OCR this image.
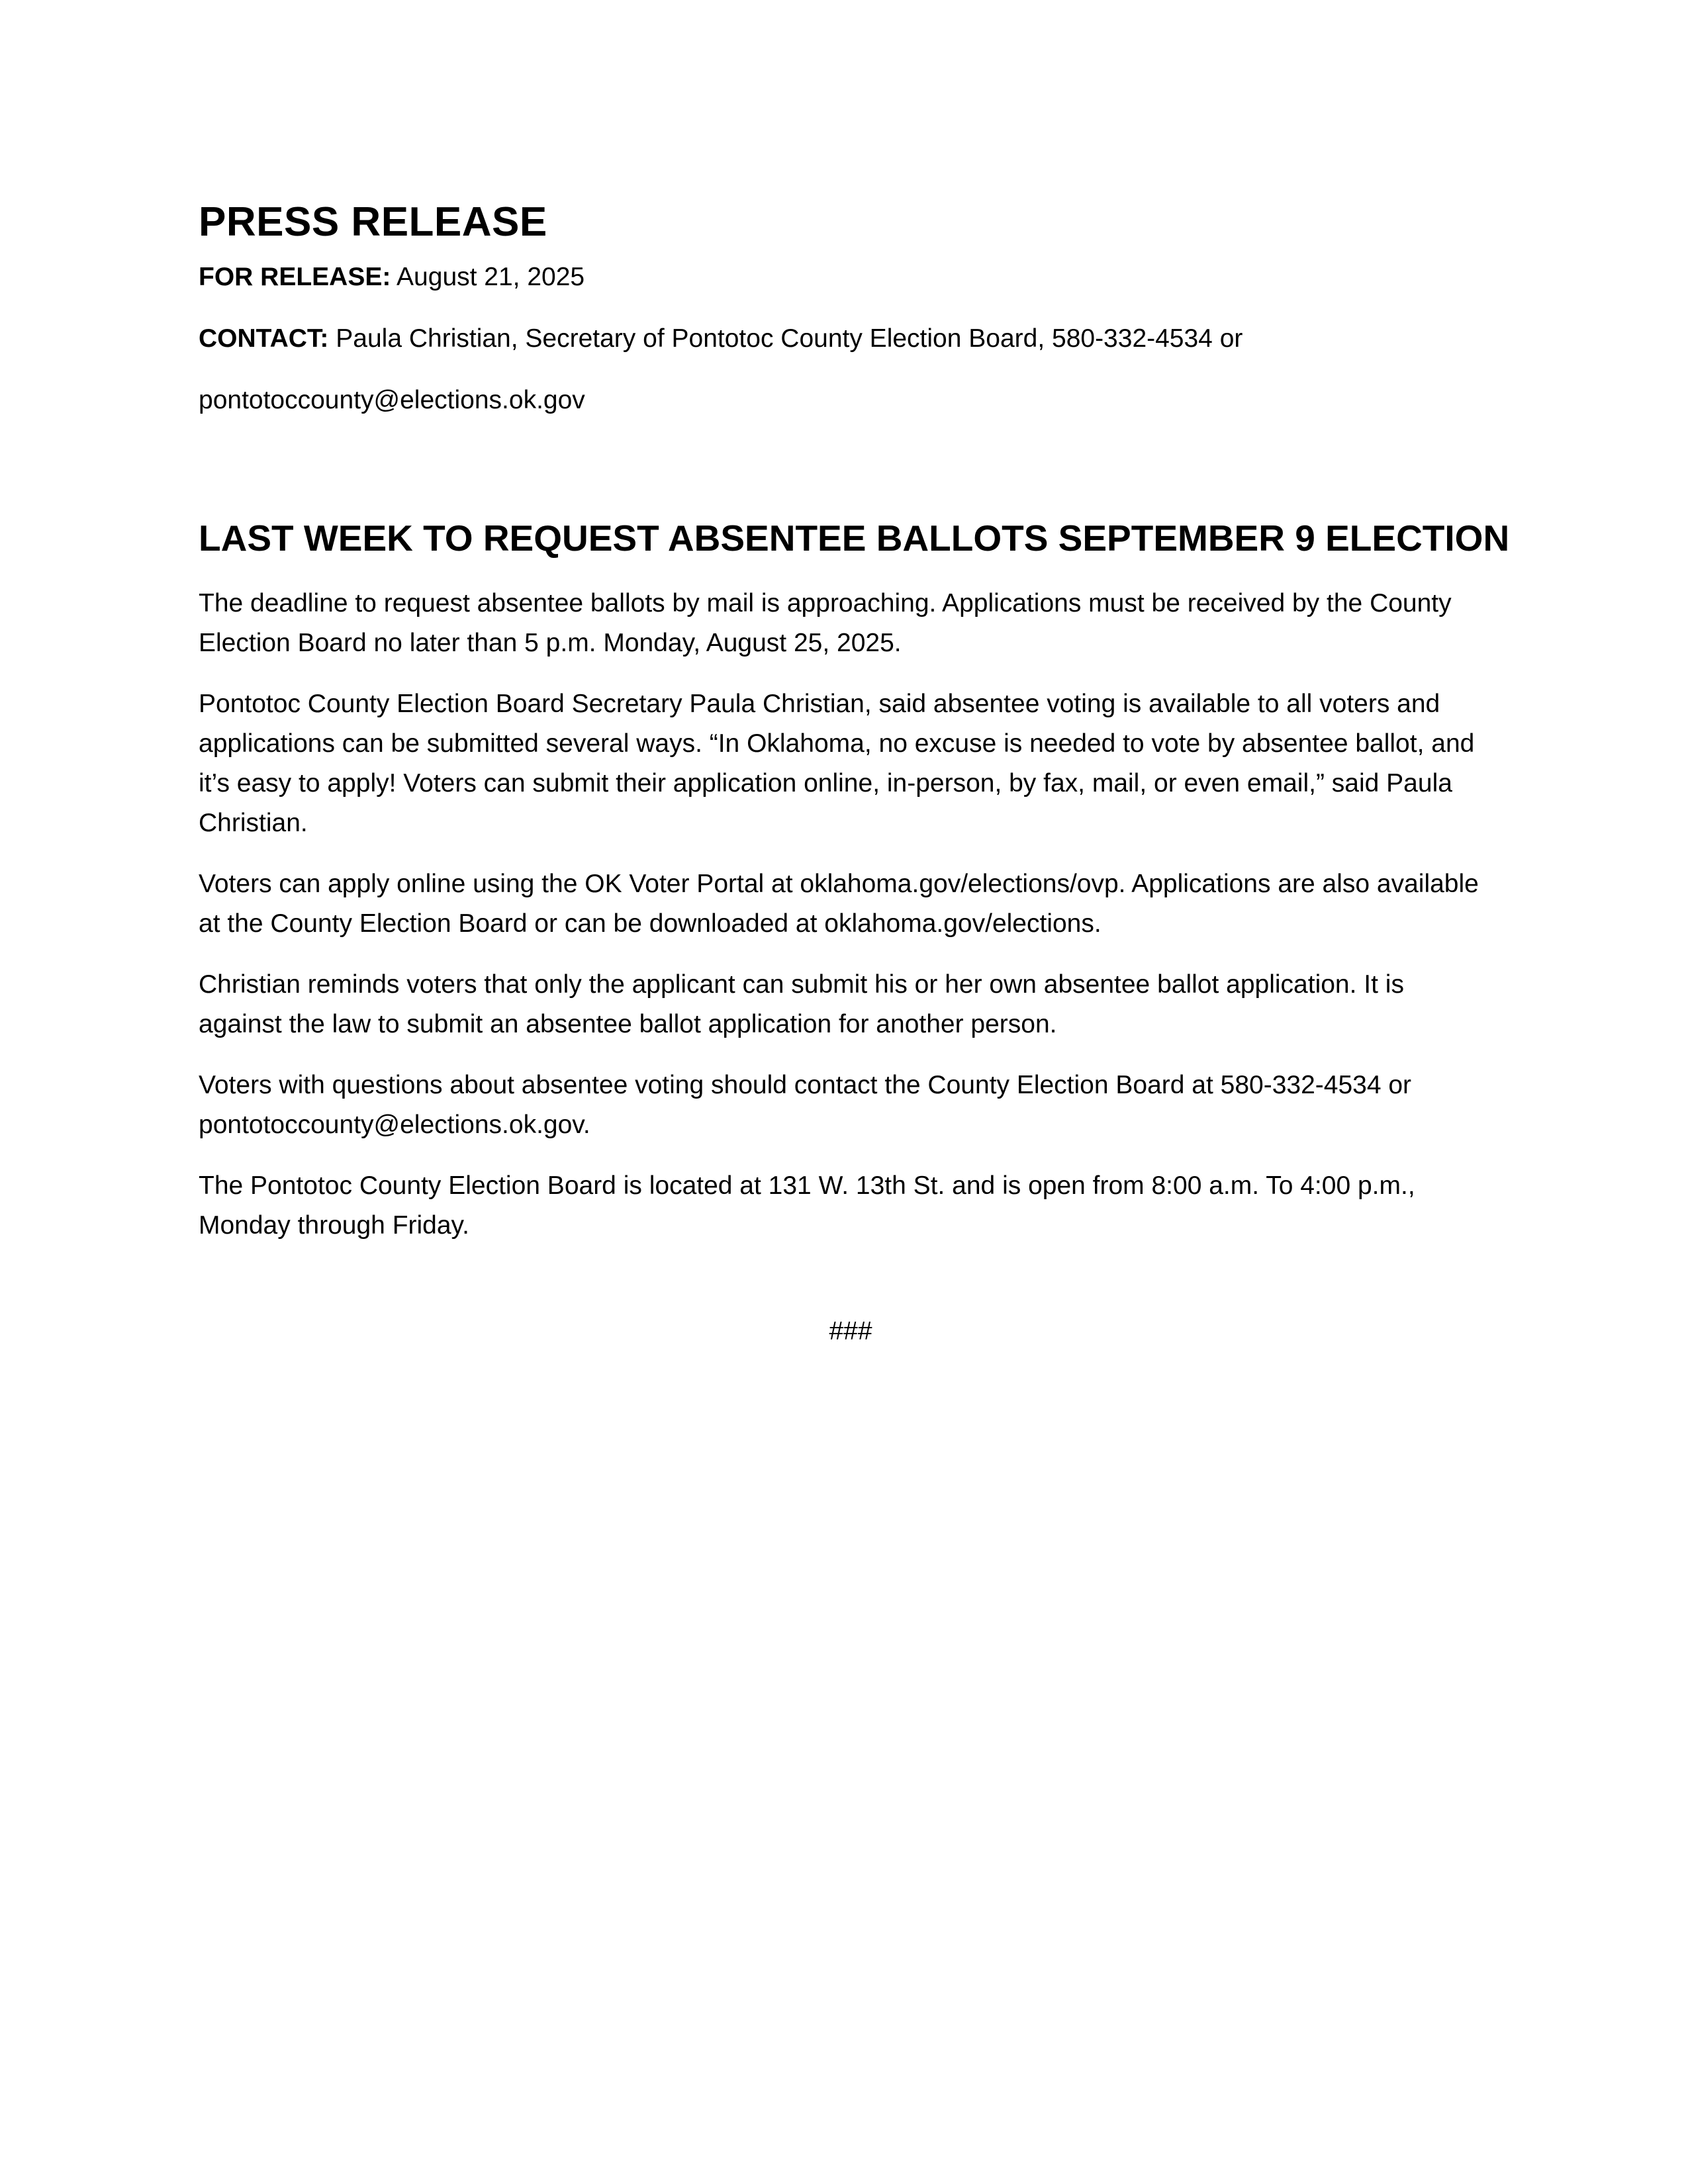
PRESS RELEASE

FOR RELEASE: August 21, 2025

CONTACT: Paula Christian, Secretary of Pontotoc County Election Board, 580-332-4534 or

pontotoccounty@elections.ok.gov

LAST WEEK TO REQUEST ABSENTEE BALLOTS SEPTEMBER 9 ELECTION

The deadline to request absentee ballots by mail is approaching. Applications must be received by the County Election Board no later than 5 p.m. Monday, August 25, 2025.

Pontotoc County Election Board Secretary Paula Christian, said absentee voting is available to all voters and applications can be submitted several ways. “In Oklahoma, no excuse is needed to vote by absentee ballot, and it’s easy to apply! Voters can submit their application online, in-person, by fax, mail, or even email,” said Paula Christian.

Voters can apply online using the OK Voter Portal at oklahoma.gov/elections/ovp. Applications are also available at the County Election Board or can be downloaded at oklahoma.gov/elections.

Christian reminds voters that only the applicant can submit his or her own absentee ballot application. It is against the law to submit an absentee ballot application for another person.

Voters with questions about absentee voting should contact the County Election Board at 580-332-4534 or pontotoccounty@elections.ok.gov.

The Pontotoc County Election Board is located at 131 W. 13th St. and is open from 8:00 a.m. To 4:00 p.m., Monday through Friday.

###
